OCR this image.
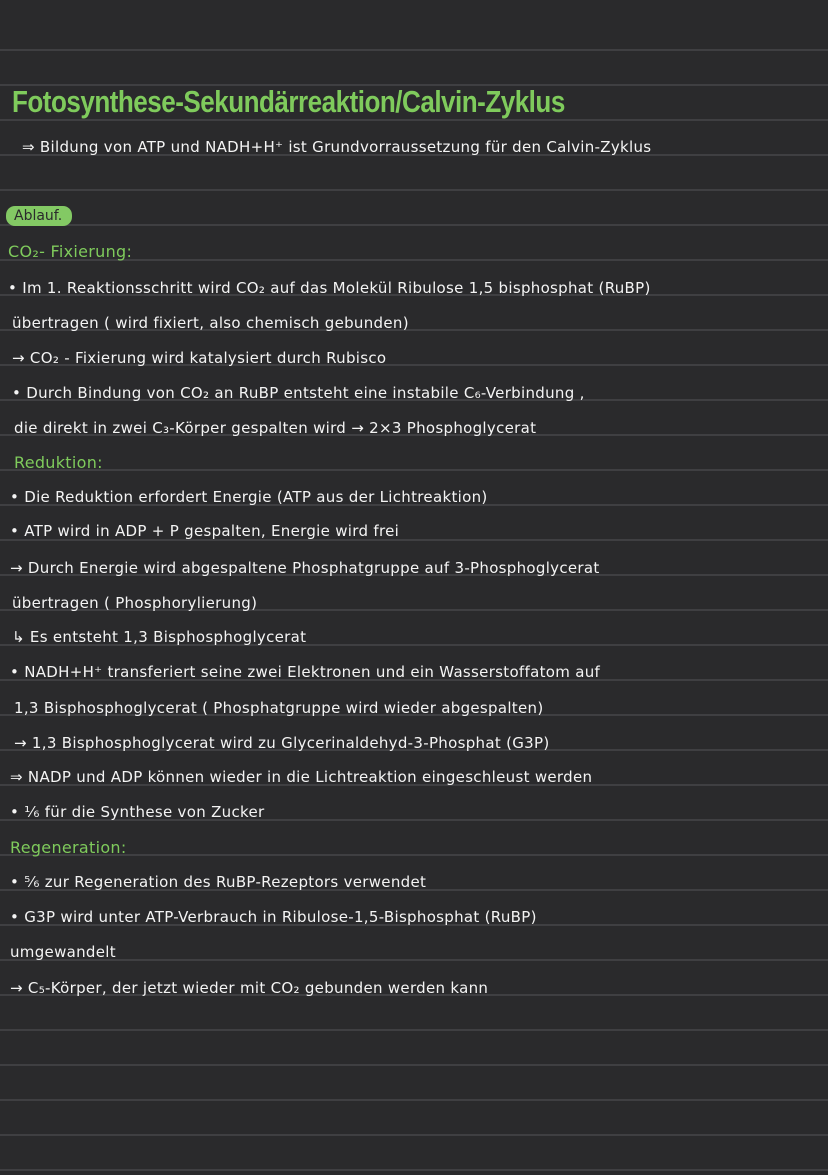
Fotosynthese-Sekundärreaktion/Calvin-Zyklus
⇒ Bildung von ATP und NADH+H⁺ ist Grundvorraussetzung für den Calvin-Zyklus
Ablauf.
CO₂- Fixierung:
• Im 1. Reaktionsschritt wird CO₂ auf das Molekül Ribulose 1,5 bisphosphat (RuBP)
übertragen ( wird fixiert, also chemisch gebunden)
→ CO₂ - Fixierung wird katalysiert durch Rubisco
• Durch Bindung von CO₂ an RuBP entsteht eine instabile C₆-Verbindung ,
die direkt in zwei C₃-Körper gespalten wird → 2×3 Phosphoglycerat
Reduktion:
• Die Reduktion erfordert Energie (ATP aus der Lichtreaktion)
• ATP wird in ADP + P gespalten, Energie wird frei
→ Durch Energie wird abgespaltene Phosphatgruppe auf 3-Phosphoglycerat
übertragen ( Phosphorylierung)
↳ Es entsteht 1,3 Bisphosphoglycerat
• NADH+H⁺ transferiert seine zwei Elektronen und ein Wasserstoffatom auf
1,3 Bisphosphoglycerat ( Phosphatgruppe wird wieder abgespalten)
→ 1,3 Bisphosphoglycerat wird zu Glycerinaldehyd-3-Phosphat (G3P)
⇒ NADP und ADP können wieder in die Lichtreaktion eingeschleust werden
• ¹⁄₆ für die Synthese von Zucker
Regeneration:
• ⁵⁄₆ zur Regeneration des RuBP-Rezeptors verwendet
• G3P wird unter ATP-Verbrauch in Ribulose-1,5-Bisphosphat (RuBP)
umgewandelt
→ C₅-Körper, der jetzt wieder mit CO₂ gebunden werden kann
